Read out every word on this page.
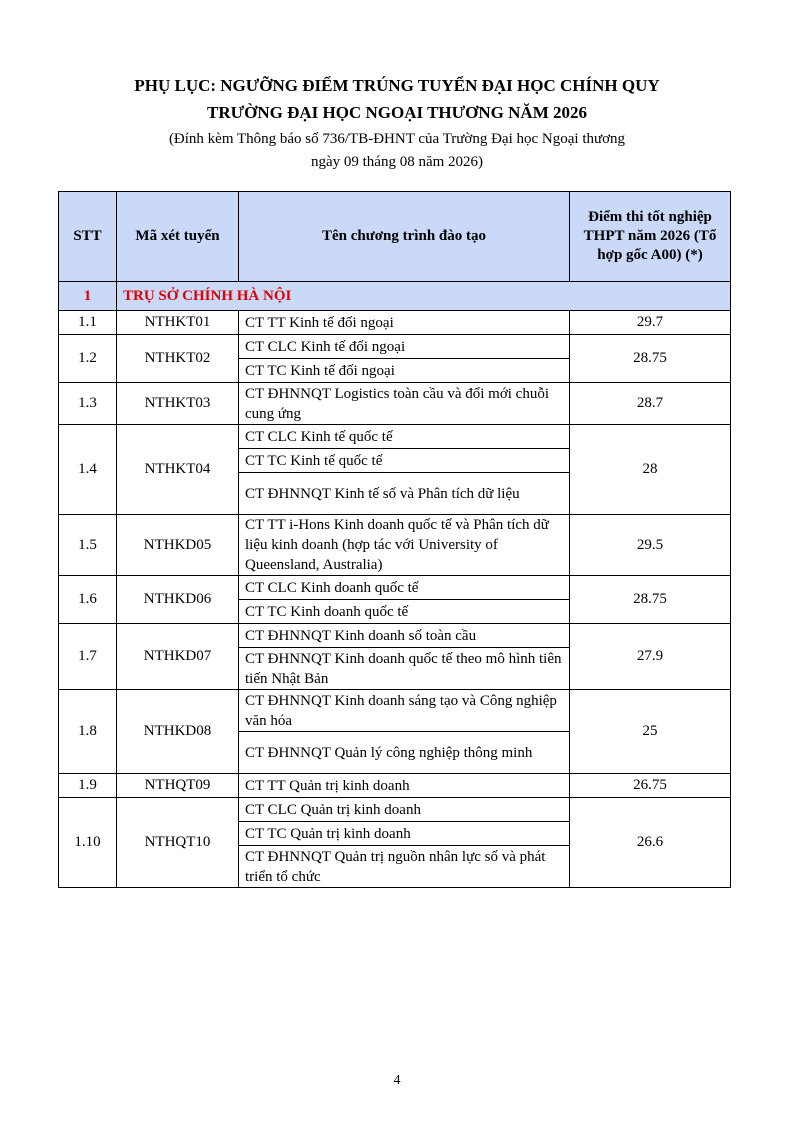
PHỤ LỤC: NGƯỠNG ĐIỂM TRÚNG TUYỂN ĐẠI HỌC CHÍNH QUY

TRƯỜNG ĐẠI HỌC NGOẠI THƯƠNG NĂM 2026

(Đính kèm Thông báo số 736/TB-ĐHNT của Trường Đại học Ngoại thương

ngày 09 tháng 08 năm 2026)

STT	Mã xét tuyển	Tên chương trình đào tạo	Điểm thi tốt nghiệp THPT năm 2026 (Tổ hợp gốc A00) (*)
1	TRỤ SỞ CHÍNH HÀ NỘI		
1.1	NTHKT01	CT TT Kinh tế đối ngoại	29.7
1.2	NTHKT02	CT CLC Kinh tế đối ngoại	28.75
		CT TC Kinh tế đối ngoại	
1.3	NTHKT03	CT ĐHNNQT Logistics toàn cầu và đổi mới chuỗi cung ứng	28.7
1.4	NTHKT04	CT CLC Kinh tế quốc tế	28
		CT TC Kinh tế quốc tế	
		CT ĐHNNQT Kinh tế số và Phân tích dữ liệu	
1.5	NTHKD05	CT TT i-Hons Kinh doanh quốc tế và Phân tích dữ liệu kinh doanh (hợp tác với University of Queensland, Australia)	29.5
1.6	NTHKD06	CT CLC Kinh doanh quốc tế	28.75
		CT TC Kinh doanh quốc tế	
1.7	NTHKD07	CT ĐHNNQT Kinh doanh số toàn cầu	27.9
		CT ĐHNNQT Kinh doanh quốc tế theo mô hình tiên tiến Nhật Bản	
1.8	NTHKD08	CT ĐHNNQT Kinh doanh sáng tạo và Công nghiệp văn hóa	25
		CT ĐHNNQT Quản lý công nghiệp thông minh	
1.9	NTHQT09	CT TT Quản trị kinh doanh	26.75
1.10	NTHQT10	CT CLC Quản trị kinh doanh	26.6
		CT TC Quản trị kinh doanh	
		CT ĐHNNQT Quản trị nguồn nhân lực số và phát triển tổ chức	
4
